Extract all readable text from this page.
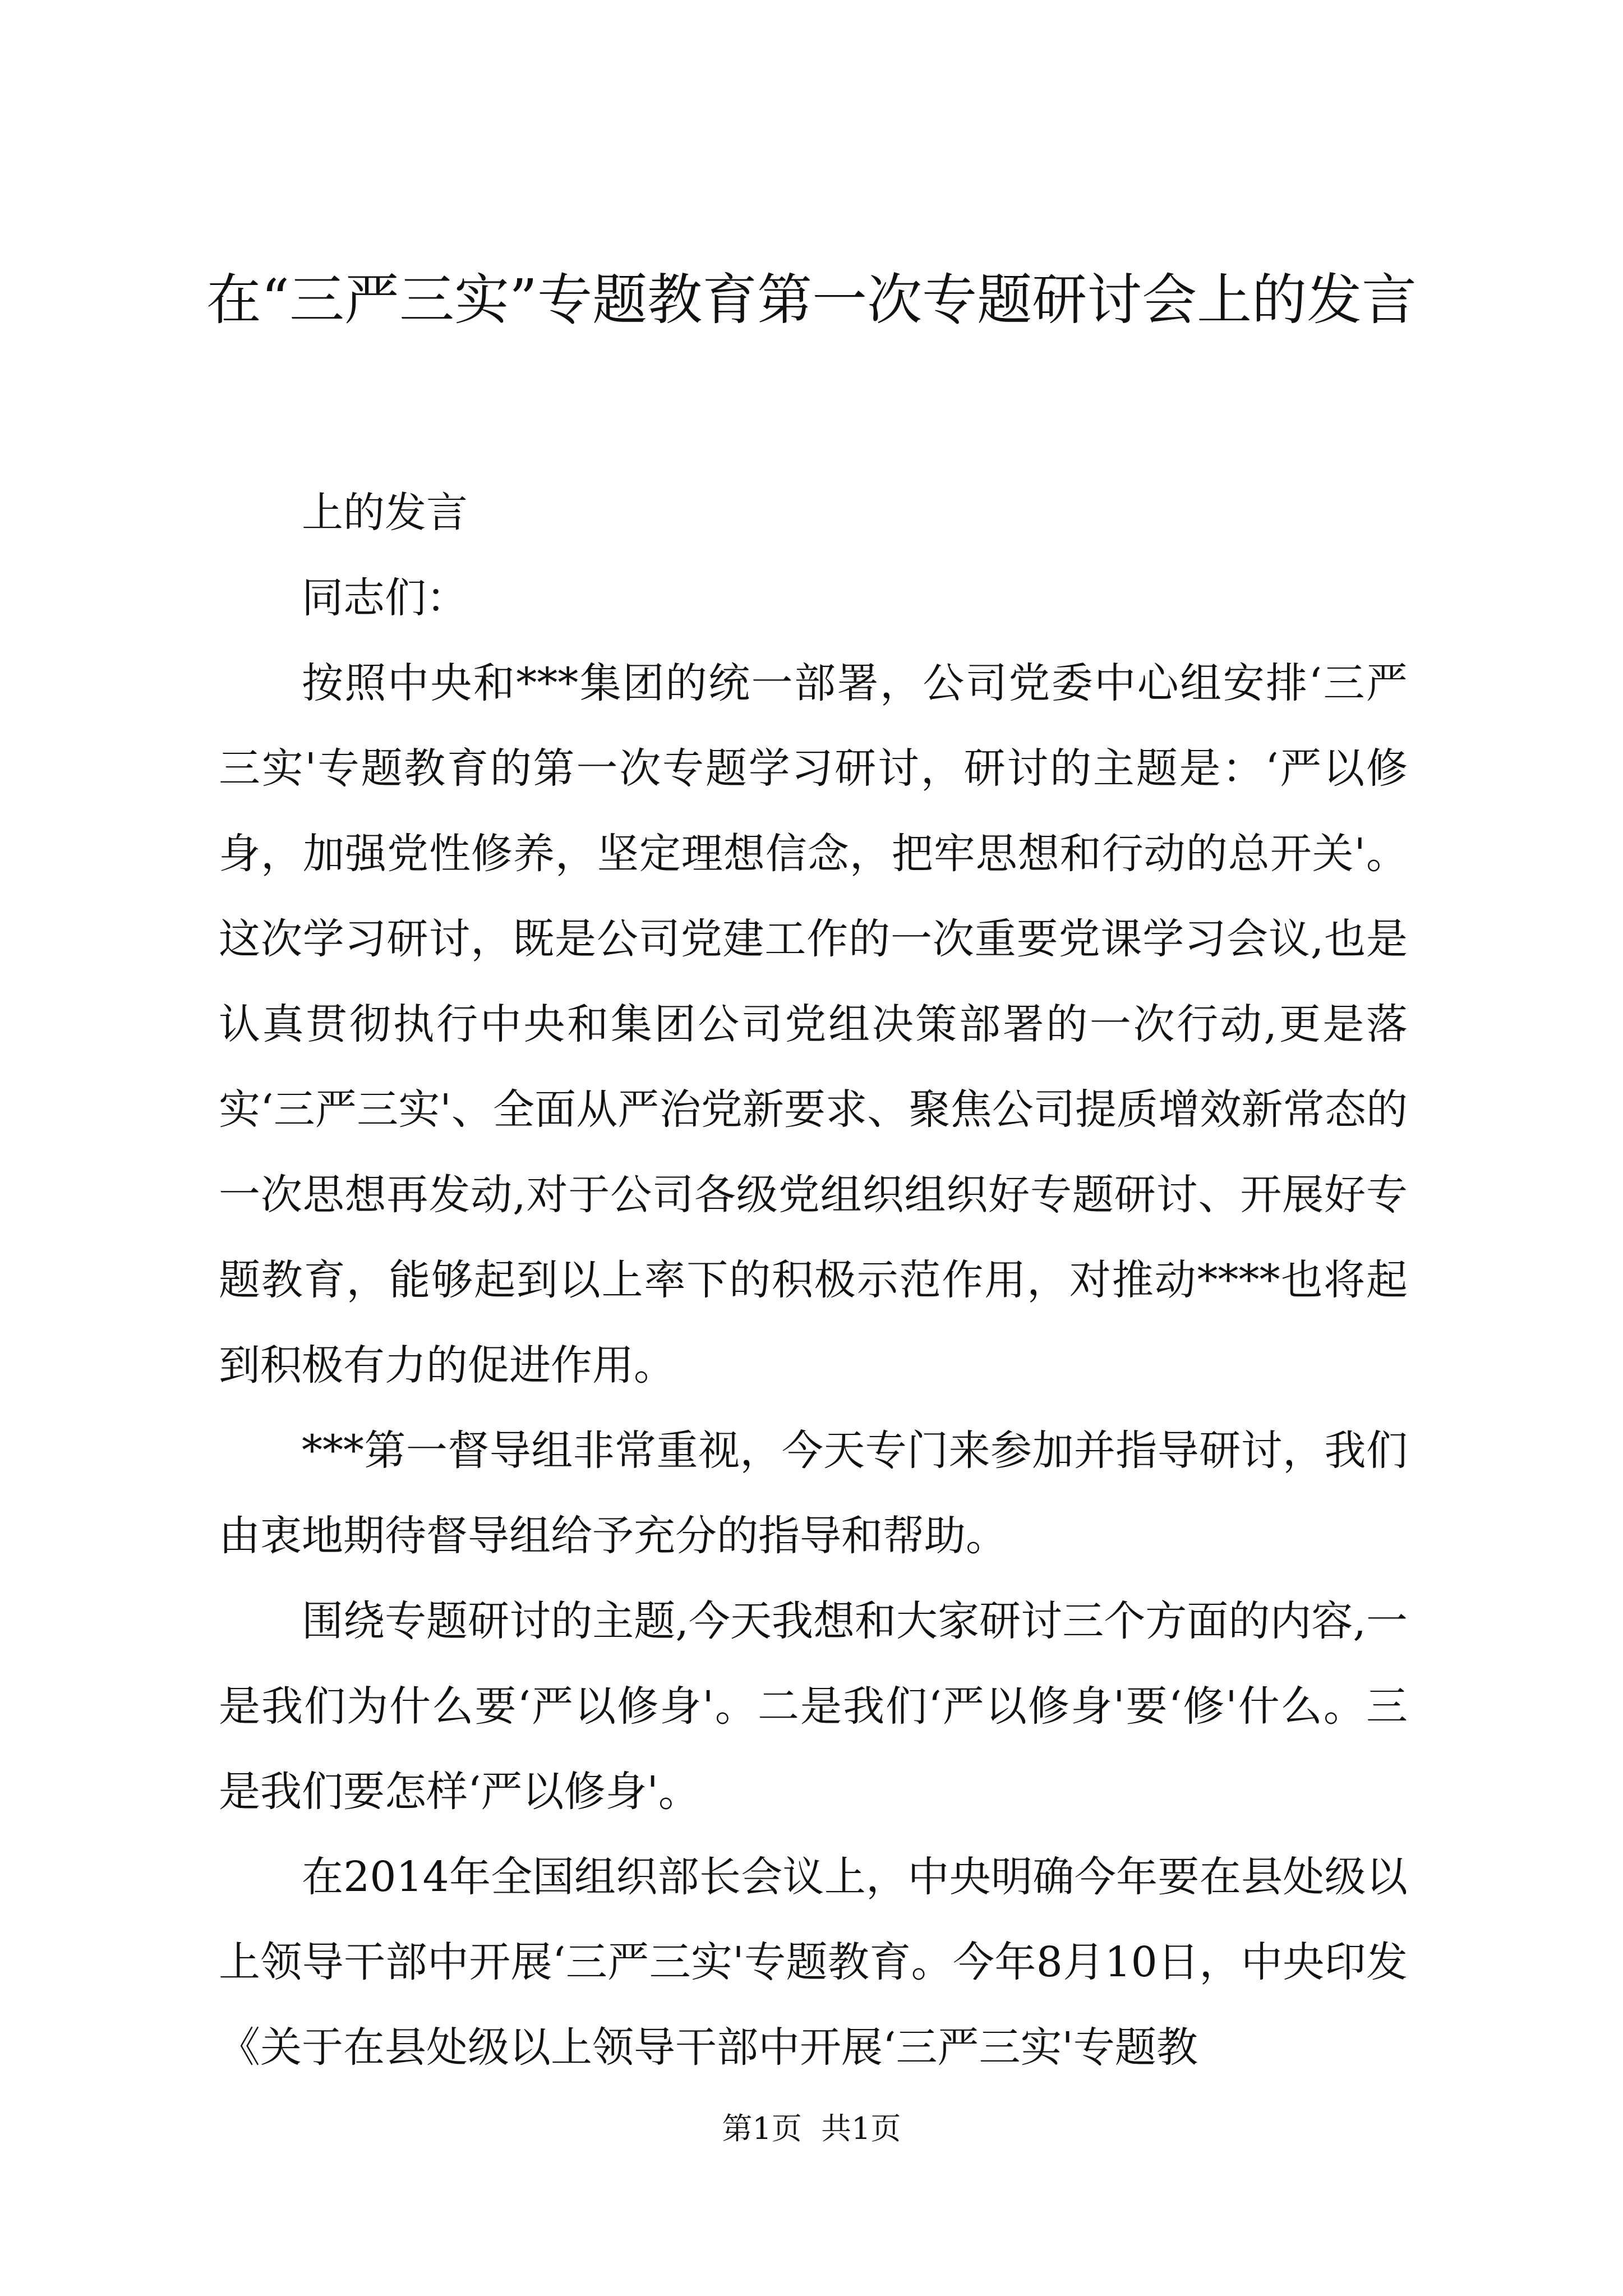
在“三严三实”专题教育第一次专题研讨会上的发言

上的发言

同志们：

按照中央和***集团的统一部署，公司党委中心组安排‘三严三实'专题教育的第一次专题学习研讨，研讨的主题是：‘严以修身，加强党性修养，坚定理想信念，把牢思想和行动的总开关'。这次学习研讨，既是公司党建工作的一次重要党课学习会议,也是认真贯彻执行中央和集团公司党组决策部署的一次行动,更是落实‘三严三实'、全面从严治党新要求、聚焦公司提质增效新常态的一次思想再发动,对于公司各级党组织组织好专题研讨、开展好专题教育，能够起到以上率下的积极示范作用，对推动****也将起到积极有力的促进作用。

***第一督导组非常重视，今天专门来参加并指导研讨，我们由衷地期待督导组给予充分的指导和帮助。

围绕专题研讨的主题,今天我想和大家研讨三个方面的内容,一是我们为什么要‘严以修身'。二是我们‘严以修身'要‘修'什么。三是我们要怎样‘严以修身'。

在2014年全国组织部长会议上，中央明确今年要在县处级以上领导干部中开展‘三严三实'专题教育。今年8月10日，中央印发《关于在县处级以上领导干部中开展‘三严三实'专题教

第1页 共1页
